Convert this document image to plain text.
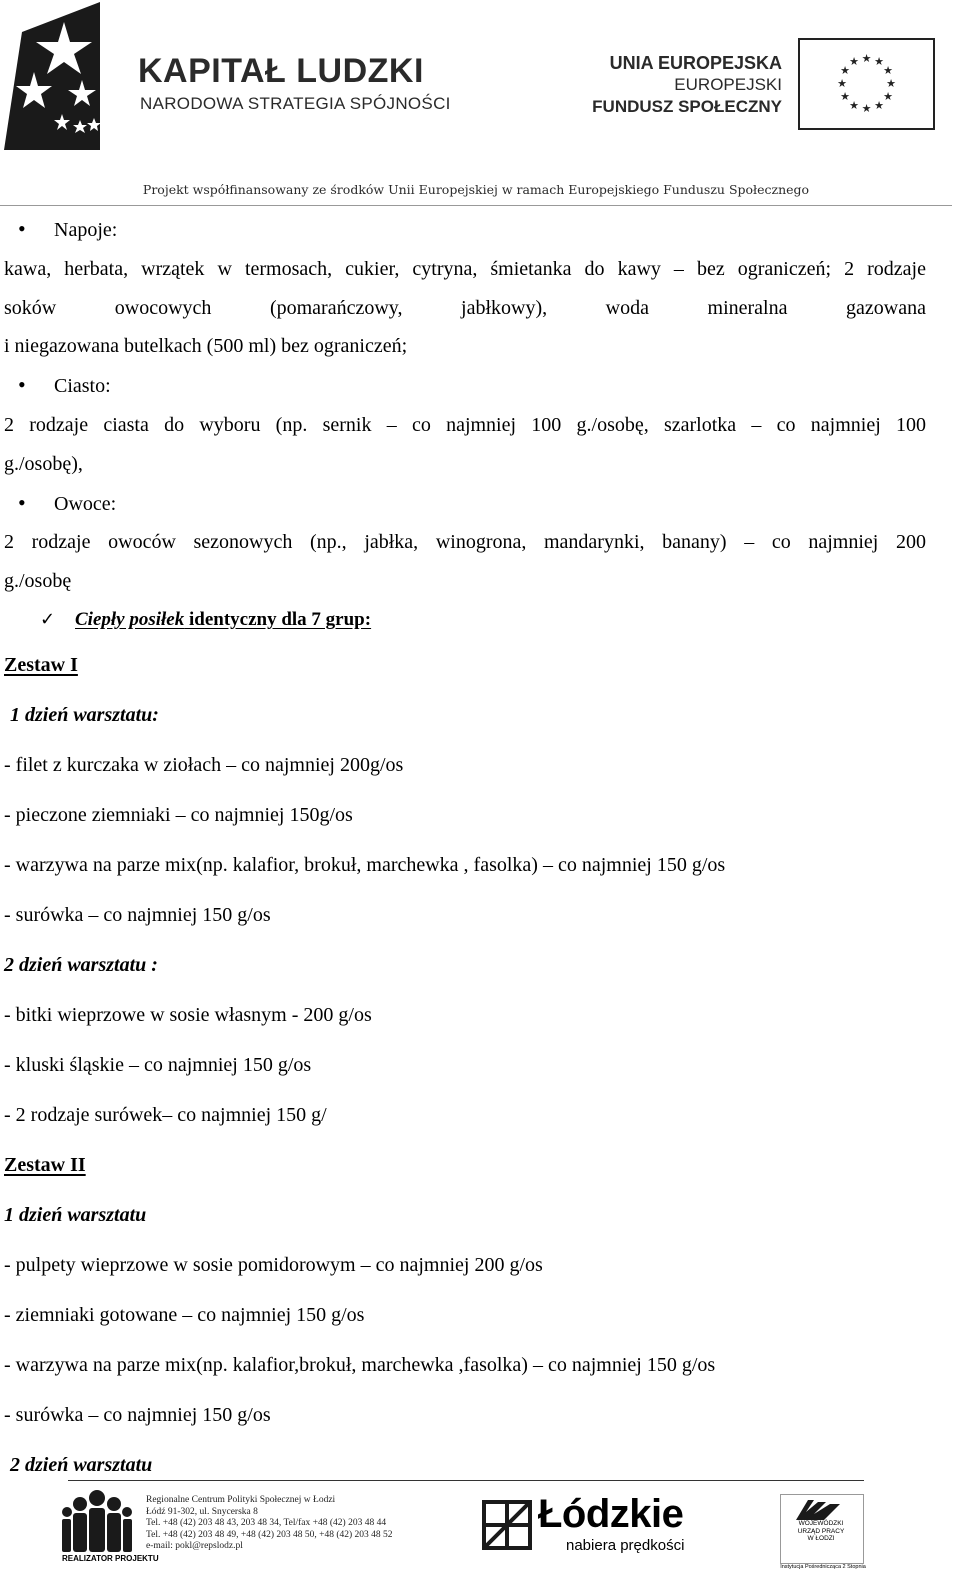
KAPITAŁ LUDZKI
NARODOWA STRATEGIA SPÓJNOŚCI
UNIA EUROPEJSKA
EUROPEJSKI
FUNDUSZ SPOŁECZNY
★ ★
★
★
★
★
★
★
★
★
★
★
Projekt współfinansowany ze środków Unii Europejskiej w ramach Europejskiego Funduszu Społecznego
•Napoje:
kawa, herbata, wrzątek w termosach, cukier, cytryna, śmietanka do kawy – bez ograniczeń; 2 rodzaje
soków owocowych (pomarańczowy, jabłkowy), woda mineralna gazowana
i niegazowana butelkach (500 ml) bez ograniczeń;
•Ciasto:
2 rodzaje ciasta do wyboru (np. sernik – co najmniej 100 g./osobę, szarlotka – co najmniej 100
g./osobę),
•Owoce:
2 rodzaje owoców sezonowych (np., jabłka, winogrona, mandarynki, banany) – co najmniej 200
g./osobę
✓ Ciepły posiłek identyczny dla 7 grup:
Zestaw I
1 dzień warsztatu:
- filet z kurczaka w ziołach – co najmniej 200g/os
- pieczone ziemniaki – co najmniej 150g/os
- warzywa na parze mix(np. kalafior, brokuł, marchewka , fasolka) – co najmniej 150 g/os
- surówka – co najmniej 150 g/os
2 dzień warsztatu :
- bitki wieprzowe w sosie własnym - 200 g/os
- kluski śląskie – co najmniej 150 g/os
- 2 rodzaje surówek– co najmniej 150 g/
Zestaw II
1 dzień warsztatu
- pulpety wieprzowe w sosie pomidorowym – co najmniej 200 g/os
- ziemniaki gotowane – co najmniej 150 g/os
- warzywa na parze mix(np. kalafior,brokuł, marchewka ,fasolka) – co najmniej 150 g/os
- surówka – co najmniej 150 g/os
2 dzień warsztatu
REALIZATOR PROJEKTU
Regionalne Centrum Polityki Społecznej w Łodzi
Łódź 91-302, ul. Snycerska 8
Tel. +48 (42) 203 48 43, 203 48 34, Tel/fax +48 (42) 203 48 44
Tel. +48 (42) 203 48 49, +48 (42) 203 48 50, +48 (42) 203 48 52
e-mail: pokl@repslodz.pl
Łódzkie
nabiera prędkości
WOJEWÓDZKI
URZĄD PRACY
W ŁODZI
Instytucja Pośrednicząca 2 Stopnia
